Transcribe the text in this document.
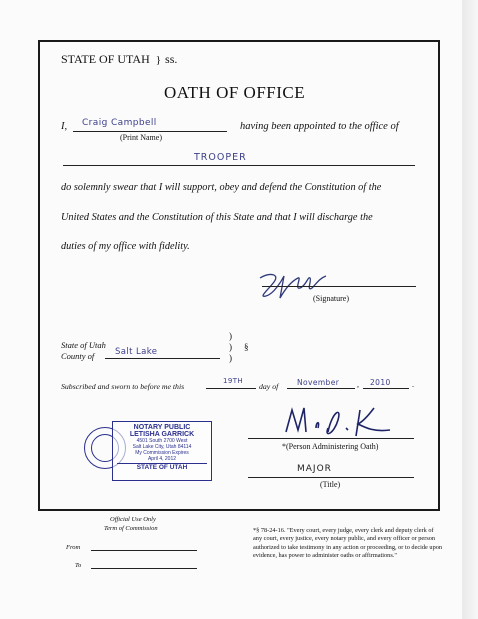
STATE OF UTAH } ss.
OATH OF OFFICE
I, Craig Campbell
(Print Name)
having been appointed to the office of
TROOPER
do solemnly swear that I will support, obey and defend the Constitution of the
United States and the Constitution of this State and that I will discharge the
duties of my office with fidelity.
(Signature)
State of Utah
County of Salt Lake
)
)
)
§
Subscribed and sworn to before me this
19TH
day of November , 2010	.
NOTARY PUBLIC
LETISHA GARRICK
4501 South 2700 West
Salt Lake City, Utah 84114
My Commission Expires
April 4, 2012
STATE OF UTAH
*(Person Administering Oath)
MAJOR
(Title)
Official Use Only
Term of Commission
From
To
*§ 78-24-16. "Every court, every judge, every clerk and deputy clerk of any court, every justice, every notary public, and every officer or person authorized to take testimony in any action or proceeding, or to decide upon evidence, has power to administer oaths or affirmations."
